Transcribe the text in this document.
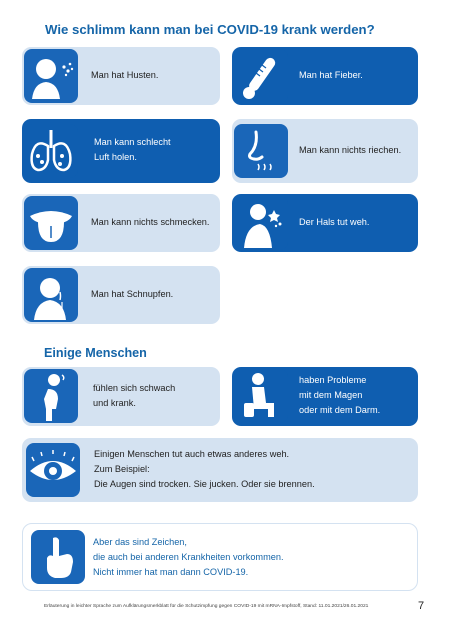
Wie schlimm kann man bei COVID-19 krank werden?
Man hat Husten.	Man hat Fieber.
Man kann schlecht
Luft holen.
Man kann nichts riechen.
Man kann nichts schmecken.	Der Hals tut weh.
Man hat Schnupfen.
Einige Menschen
fühlen sich schwach
und krank.
haben Probleme
mit dem Magen
oder mit dem Darm.
Einigen Menschen tut auch etwas anderes weh.
Zum Beispiel:
Die Augen sind trocken. Sie jucken. Oder sie brennen.
Aber das sind Zeichen,
die auch bei anderen Krankheiten vorkommen.
Nicht immer hat man dann COVID-19.
Erläuterung in leichter Sprache zum Aufklärungsmerkblatt für die Schutzimpfung gegen COVID-19 mit mRNA-Impfstoff, Stand: 11.01.2021/26.01.2021	7
